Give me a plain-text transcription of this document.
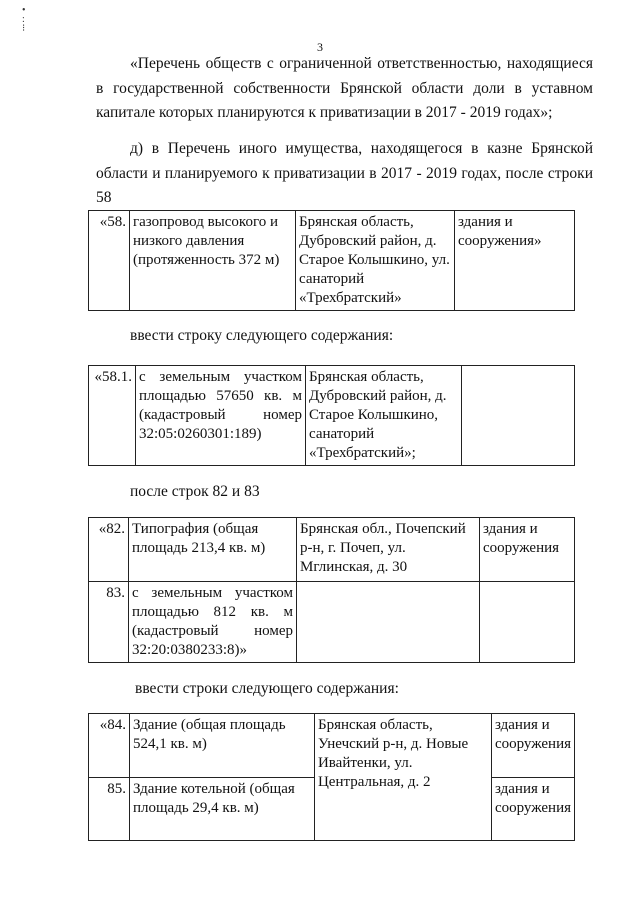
•
:
⁝
3

«Перечень обществ с ограниченной ответственностью, находящиеся в государственной собственности Брянской области доли в уставном капитале которых планируются к приватизации в 2017 - 2019 годах»;

д) в Перечень иного имущества, находящегося в казне Брянской области и планируемого к приватизации в 2017 - 2019 годах, после строки 58

«58.	газопровод высокого и низкого давления (протяженность 372 м)	Брянская область, Дубровский район, д. Старое Колышкино, ул. санаторий «Трехбратский»	здания и сооружения»
ввести строку следующего содержания:
«58.1.	с земельным участком площадью 57650 кв. м (кадастровый номер 32:05:0260301:189)	Брянская область, Дубровский район, д. Старое Колышкино, санаторий «Трехбратский»;	
после строк 82 и 83
«82.	Типография (общая площадь 213,4 кв. м)	Брянская обл., Почепский р-н, г. Почеп, ул. Мглинская, д. 30	здания и сооружения
83.	с земельным участком площадью 812 кв. м (кадастровый номер 32:20:0380233:8)»		
ввести строки следующего содержания:
«84.	Здание (общая площадь 524,1 кв. м)	Брянская область, Унечский р-н, д. Новые Ивайтенки, ул. Центральная, д. 2	здания и сооружения
85.	Здание котельной (общая площадь 29,4 кв. м)		здания и сооружения
